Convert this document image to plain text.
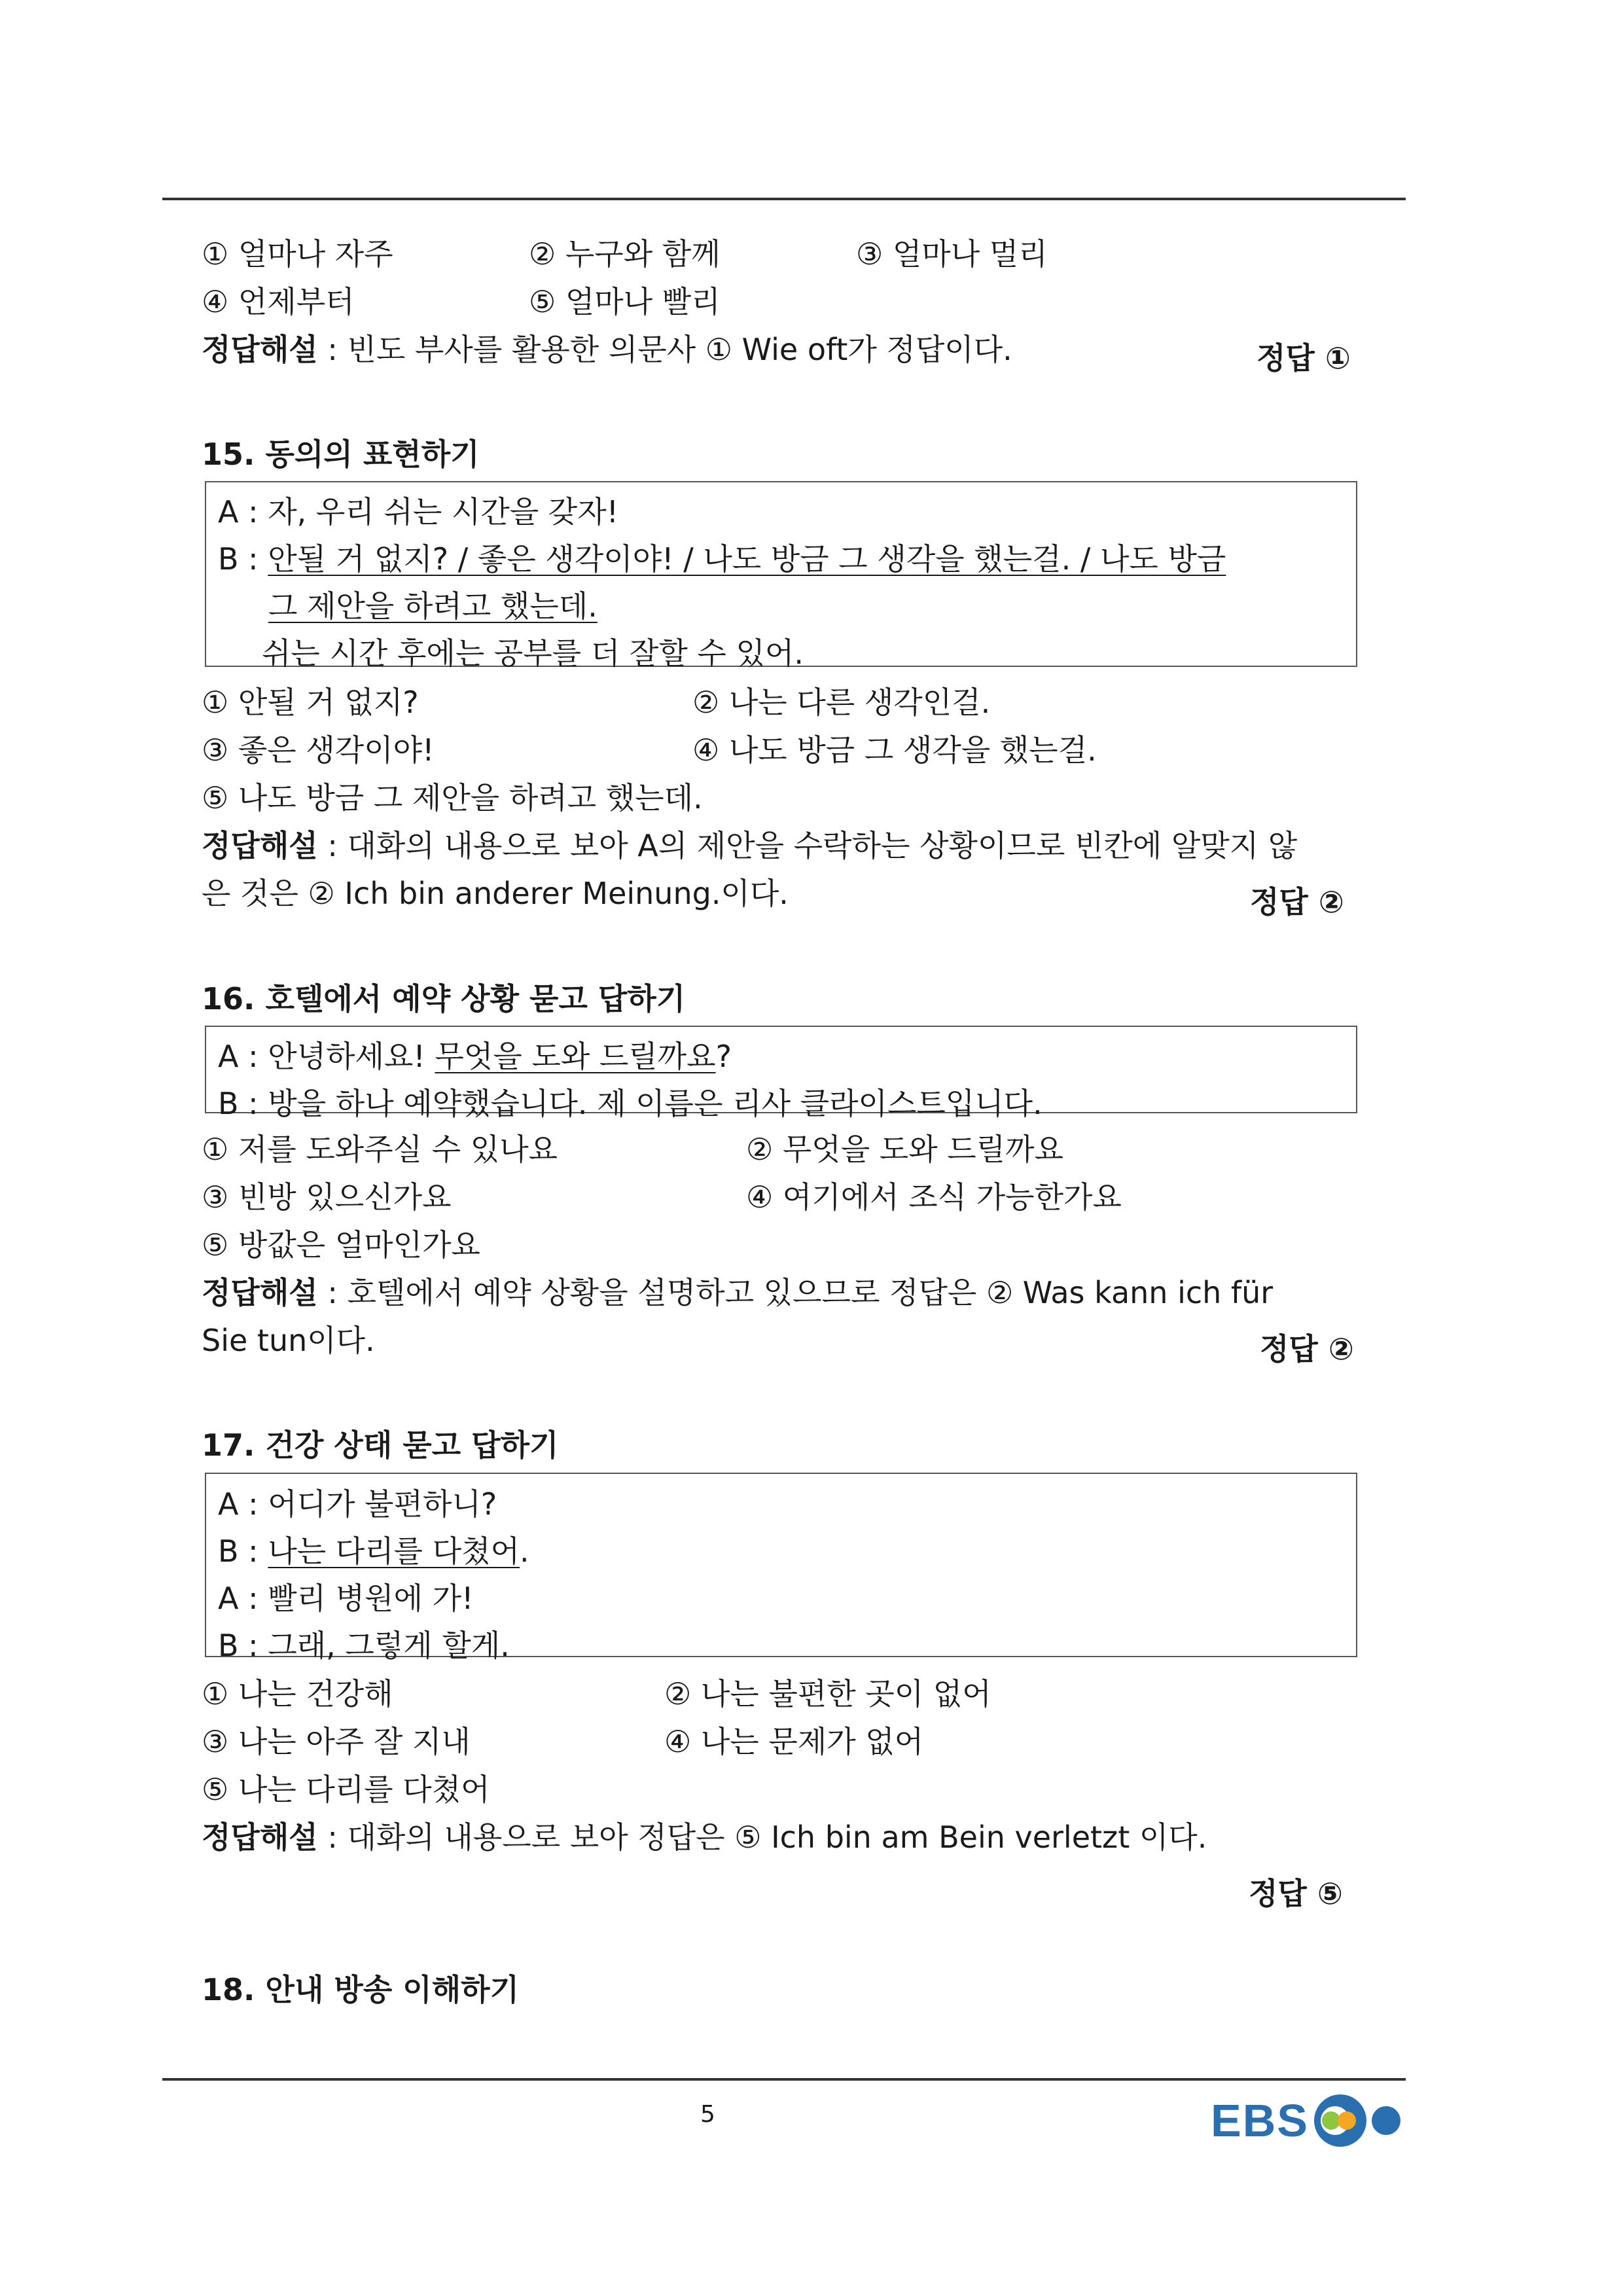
① 얼마나 자주	② 누구와 함께	③ 얼마나 멀리
④ 언제부터	⑤ 얼마나 빨리
정답해설 : 빈도 부사를 활용한 의문사 ① Wie oft가 정답이다.	정답 ①
15. 동의의 표현하기
A : 자, 우리 쉬는 시간을 갖자!
B : 안될 거 없지? / 좋은 생각이야! / 나도 방금 그 생각을 했는걸. / 나도 방금
그 제안을 하려고 했는데.
쉬는 시간 후에는 공부를 더 잘할 수 있어.
① 안될 거 없지?	② 나는 다른 생각인걸.
③ 좋은 생각이야!	④ 나도 방금 그 생각을 했는걸.
⑤ 나도 방금 그 제안을 하려고 했는데.
정답해설 : 대화의 내용으로 보아 A의 제안을 수락하는 상황이므로 빈칸에 알맞지 않
은 것은 ② Ich bin anderer Meinung.이다.	정답 ②
16. 호텔에서 예약 상황 묻고 답하기
A : 안녕하세요! 무엇을 도와 드릴까요?
B : 방을 하나 예약했습니다. 제 이름은 리사 클라이스트입니다.
① 저를 도와주실 수 있나요	② 무엇을 도와 드릴까요
③ 빈방 있으신가요	④ 여기에서 조식 가능한가요
⑤ 방값은 얼마인가요
정답해설 : 호텔에서 예약 상황을 설명하고 있으므로 정답은 ② Was kann ich für
Sie tun이다.	정답 ②
17. 건강 상태 묻고 답하기
A : 어디가 불편하니?
B : 나는 다리를 다쳤어.
A : 빨리 병원에 가!
B : 그래, 그렇게 할게.
① 나는 건강해	② 나는 불편한 곳이 없어
③ 나는 아주 잘 지내	④ 나는 문제가 없어
⑤ 나는 다리를 다쳤어
정답해설 : 대화의 내용으로 보아 정답은 ⑤ Ich bin am Bein verletzt 이다.
정답 ⑤
18. 안내 방송 이해하기
5	EBS
